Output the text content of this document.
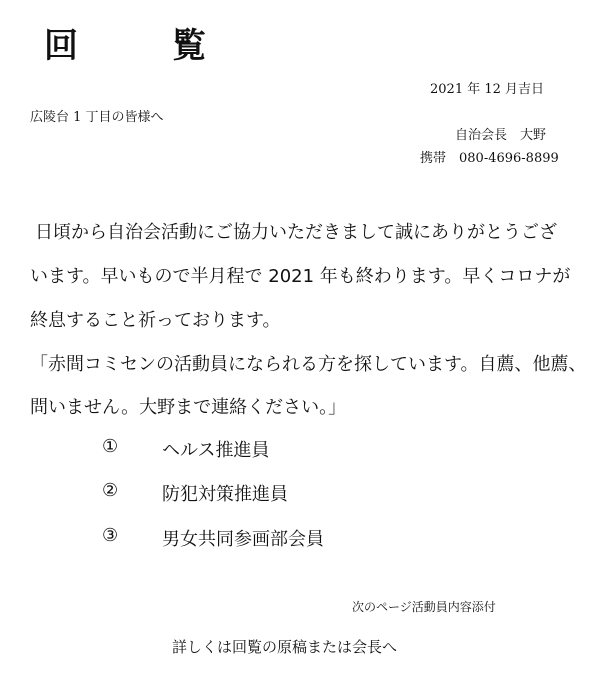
回　覧
2021 年 12 月吉日
広陵台 1 丁目の皆様へ
自治会長　大野
携帯　080-4696-8899
日頃から自治会活動にご協力いただきまして誠にありがとうござ
います。早いもので半月程で 2021 年も終わります。早くコロナが
終息すること祈っております。
「赤間コミセンの活動員になられる方を探しています。自薦、他薦、
問いません。大野まで連絡ください。」
① ヘルス推進員
② 防犯対策推進員
③ 男女共同参画部会員
次のページ活動員内容添付
詳しくは回覧の原稿または会長へ
